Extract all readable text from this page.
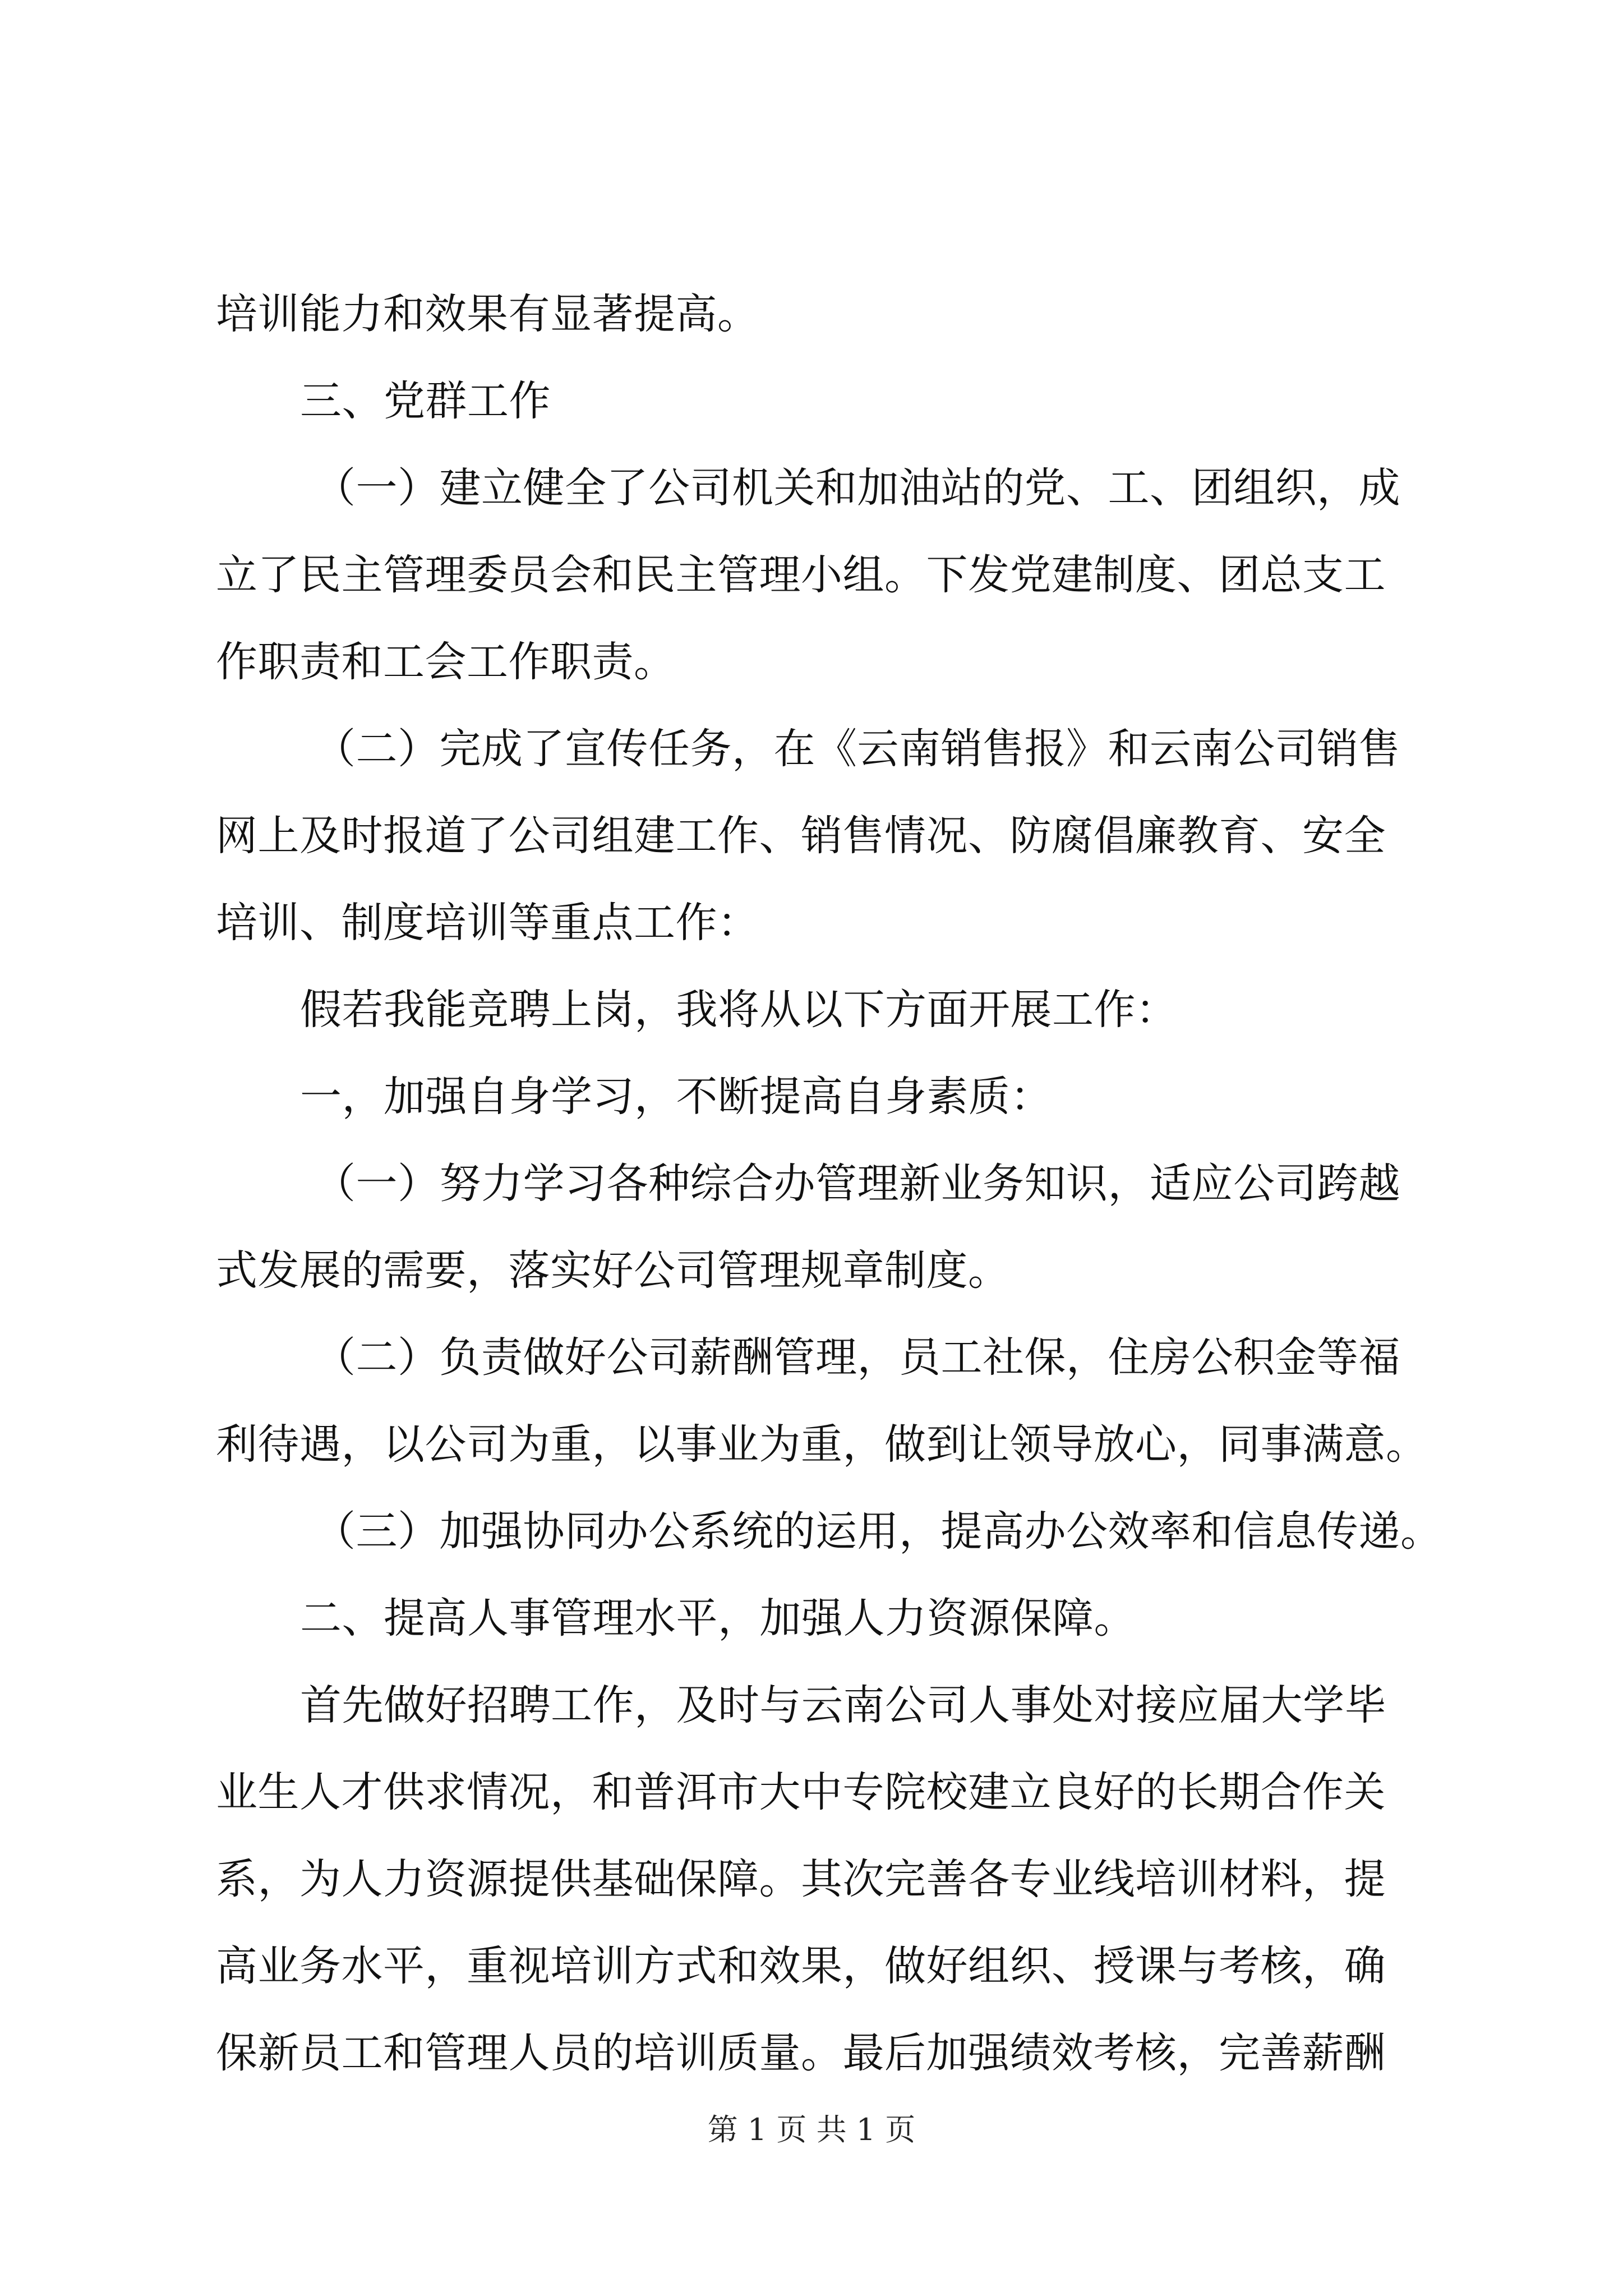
培训能力和效果有显著提高。
三、党群工作
（一）建立健全了公司机关和加油站的党、工、团组织，成
立了民主管理委员会和民主管理小组。下发党建制度、团总支工
作职责和工会工作职责。
（二）完成了宣传任务，在《云南销售报》和云南公司销售
网上及时报道了公司组建工作、销售情况、防腐倡廉教育、安全
培训、制度培训等重点工作：
假若我能竞聘上岗，我将从以下方面开展工作：
一，加强自身学习，不断提高自身素质：
（一）努力学习各种综合办管理新业务知识，适应公司跨越
式发展的需要，落实好公司管理规章制度。
（二）负责做好公司薪酬管理，员工社保，住房公积金等福
利待遇，以公司为重，以事业为重，做到让领导放心，同事满意。
（三）加强协同办公系统的运用，提高办公效率和信息传递。
二、提高人事管理水平，加强人力资源保障。
首先做好招聘工作，及时与云南公司人事处对接应届大学毕
业生人才供求情况，和普洱市大中专院校建立良好的长期合作关
系，为人力资源提供基础保障。其次完善各专业线培训材料，提
高业务水平，重视培训方式和效果，做好组织、授课与考核，确
保新员工和管理人员的培训质量。最后加强绩效考核，完善薪酬
第 1 页 共 1 页
